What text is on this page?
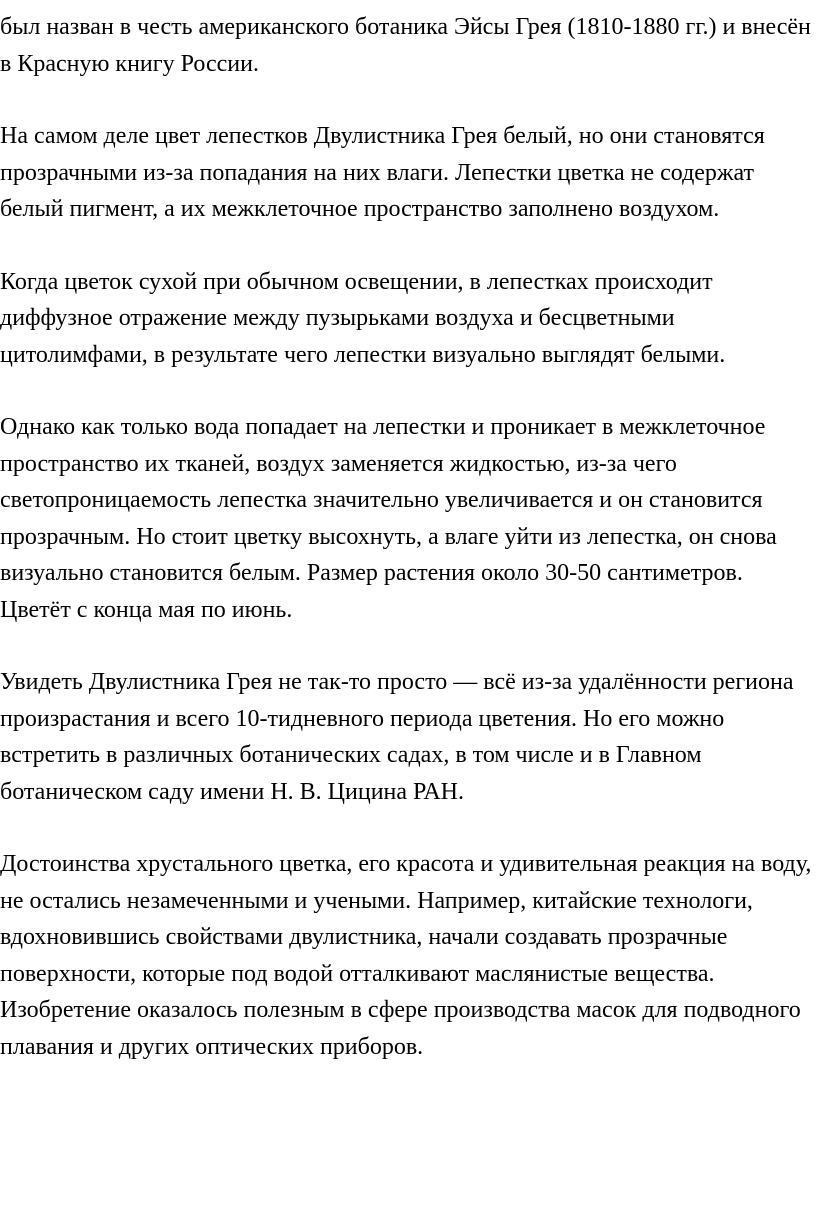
был назван в честь американского ботаника Эйсы Грея (1810-1880 гг.) и внесён в Красную книгу России.

На самом деле цвет лепестков Двулистника Грея белый, но они становятся прозрачными из-за попадания на них влаги. Лепестки цветка не содержат белый пигмент, а их межклеточное пространство заполнено воздухом.

Когда цветок сухой при обычном освещении, в лепестках происходит диффузное отражение между пузырьками воздуха и бесцветными цитолимфами, в результате чего лепестки визуально выглядят белыми.

Однако как только вода попадает на лепестки и проникает в межклеточное пространство их тканей, воздух заменяется жидкостью, из-за чего светопроницаемость лепестка значительно увеличивается и он становится прозрачным. Но стоит цветку высохнуть, а влаге уйти из лепестка, он снова визуально становится белым. Размер растения около 30-50 сантиметров. Цветёт с конца мая по июнь.

Увидеть Двулистника Грея не так-то просто — всё из-за удалённости региона произрастания и всего 10-тидневного периода цветения. Но его можно встретить в различных ботанических садах, в том числе и в Главном ботаническом саду имени Н. В. Цицина РАН.

Достоинства хрустального цветка, его красота и удивительная реакция на воду, не остались незамеченными и учеными. Например, китайские технологи, вдохновившись свойствами двулистника, начали создавать прозрачные поверхности, которые под водой отталкивают маслянистые вещества. Изобретение оказалось полезным в сфере производства масок для подводного плавания и других оптических приборов.
